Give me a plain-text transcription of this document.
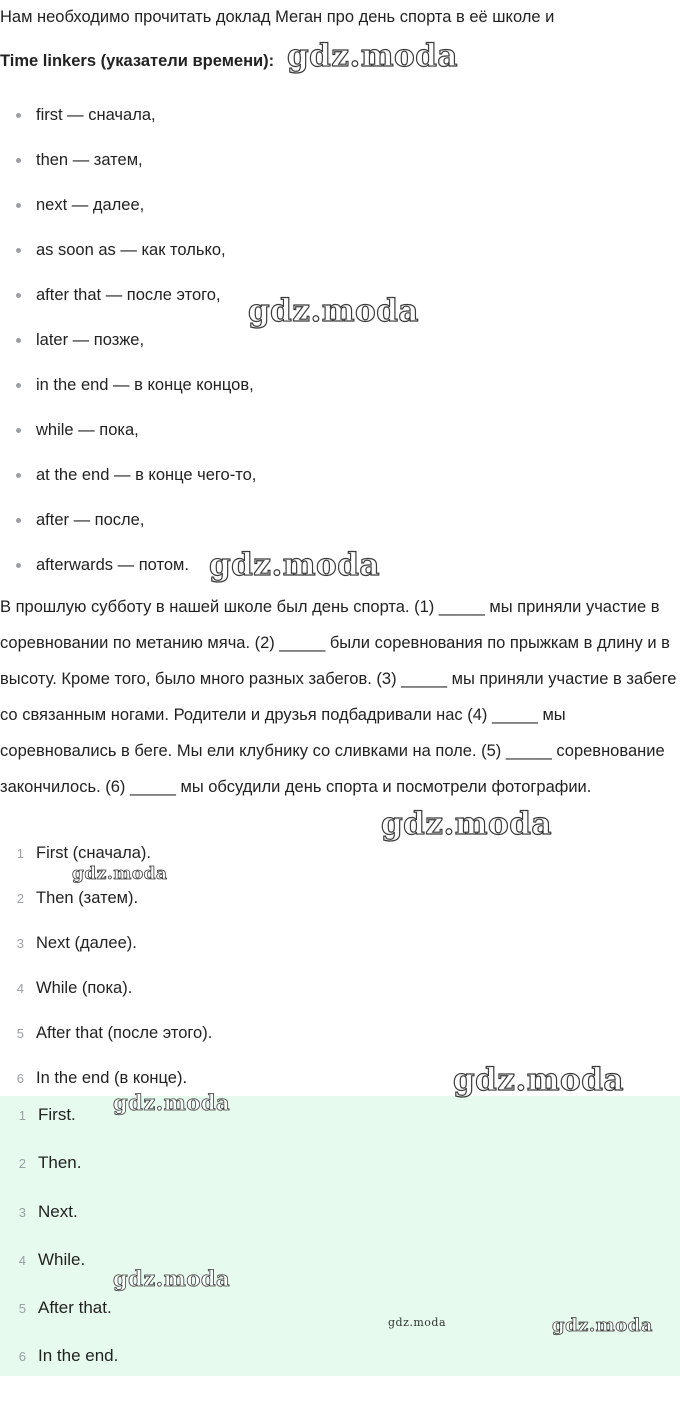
Нам необходимо прочитать доклад Меган про день спорта в её школе и

Time linkers (указатели времени):

first — сначала,
then — затем,
next — далее,
as soon as — как только,
after that — после этого,
later — позже,
in the end — в конце концов,
while — пока,
at the end — в конце чего-то,
after — после,
afterwards — потом.

В прошлую субботу в нашей школе был день спорта. (1) _____ мы приняли участие в соревновании по метанию мяча. (2) _____ были соревнования по прыжкам в длину и в высоту. Кроме того, было много разных забегов. (3) _____ мы приняли участие в забеге со связанным ногами. Родители и друзья подбадривали нас (4) _____ мы соревновались в беге. Мы ели клубнику со сливками на поле. (5) _____ соревнование закончилось. (6) _____ мы обсудили день спорта и посмотрели фотографии.

1 First (сначала).
2 Then (затем).
3 Next (далее).
4 While (пока).
5 After that (после этого).
6 In the end (в конце).
1 First.
2 Then.
3 Next.
4 While.
5 After that.
6 In the end.
gdz.moda
gdz.moda
gdz.moda
gdz.moda
gdz.moda
gdz.moda
gdz.moda
gdz.moda
gdz.moda	gdz.moda
